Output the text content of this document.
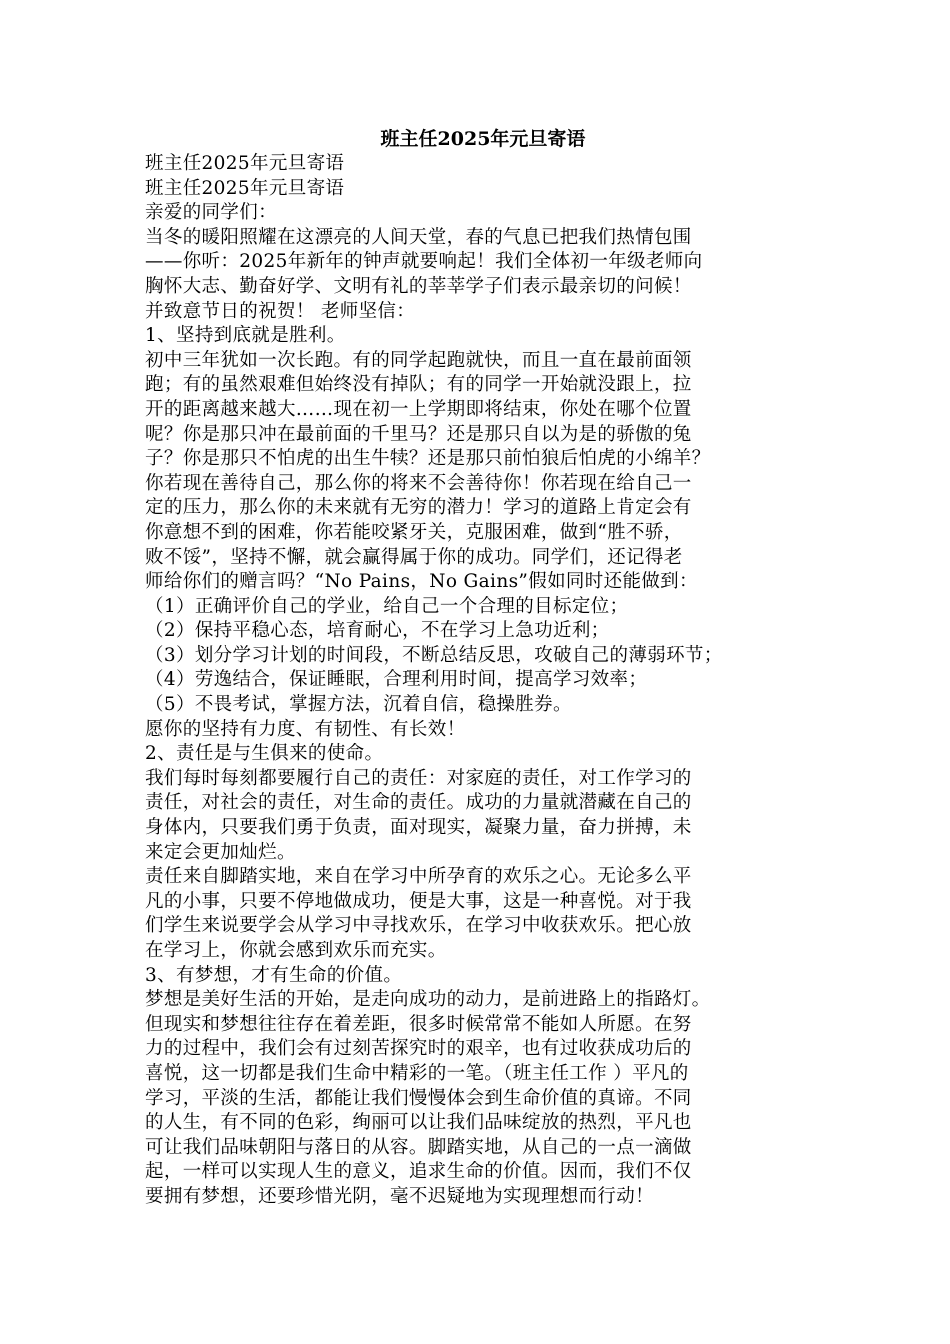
班主任2025年元旦寄语
班主任2025年元旦寄语
班主任2025年元旦寄语
亲爱的同学们：
当冬的暖阳照耀在这漂亮的人间天堂，春的气息已把我们热情包围
——你听：2025年新年的钟声就要响起！我们全体初一年级老师向
胸怀大志、勤奋好学、文明有礼的莘莘学子们表示最亲切的问候！
并致意节日的祝贺！ 老师坚信：
1、坚持到底就是胜利。
初中三年犹如一次长跑。有的同学起跑就快，而且一直在最前面领
跑；有的虽然艰难但始终没有掉队；有的同学一开始就没跟上，拉
开的距离越来越大……现在初一上学期即将结束，你处在哪个位置
呢？你是那只冲在最前面的千里马？还是那只自以为是的骄傲的兔
子？你是那只不怕虎的出生牛犊？还是那只前怕狼后怕虎的小绵羊？
你若现在善待自己，那么你的将来不会善待你！你若现在给自己一
定的压力，那么你的未来就有无穷的潜力！学习的道路上肯定会有
你意想不到的困难，你若能咬紧牙关，克服困难，做到“胜不骄，
败不馁”，坚持不懈，就会赢得属于你的成功。同学们，还记得老
师给你们的赠言吗？“No Pains，No Gains”假如同时还能做到：
（1）正确评价自己的学业，给自己一个合理的目标定位；
（2）保持平稳心态，培育耐心，不在学习上急功近利；
（3）划分学习计划的时间段，不断总结反思，攻破自己的薄弱环节；
（4）劳逸结合，保证睡眠，合理利用时间，提高学习效率；
（5）不畏考试，掌握方法，沉着自信，稳操胜券。
愿你的坚持有力度、有韧性、有长效！
2、责任是与生俱来的使命。
我们每时每刻都要履行自己的责任：对家庭的责任，对工作学习的
责任，对社会的责任，对生命的责任。成功的力量就潜藏在自己的
身体内，只要我们勇于负责，面对现实，凝聚力量，奋力拼搏，未
来定会更加灿烂。
责任来自脚踏实地，来自在学习中所孕育的欢乐之心。无论多么平
凡的小事，只要不停地做成功，便是大事，这是一种喜悦。对于我
们学生来说要学会从学习中寻找欢乐，在学习中收获欢乐。把心放
在学习上，你就会感到欢乐而充实。
3、有梦想，才有生命的价值。
梦想是美好生活的开始，是走向成功的动力，是前进路上的指路灯。
但现实和梦想往往存在着差距，很多时候常常不能如人所愿。在努
力的过程中，我们会有过刻苦探究时的艰辛，也有过收获成功后的
喜悦，这一切都是我们生命中精彩的一笔。（班主任工作 ）平凡的
学习，平淡的生活，都能让我们慢慢体会到生命价值的真谛。不同
的人生，有不同的色彩，绚丽可以让我们品味绽放的热烈，平凡也
可让我们品味朝阳与落日的从容。脚踏实地，从自己的一点一滴做
起，一样可以实现人生的意义，追求生命的价值。因而，我们不仅
要拥有梦想，还要珍惜光阴，毫不迟疑地为实现理想而行动！
